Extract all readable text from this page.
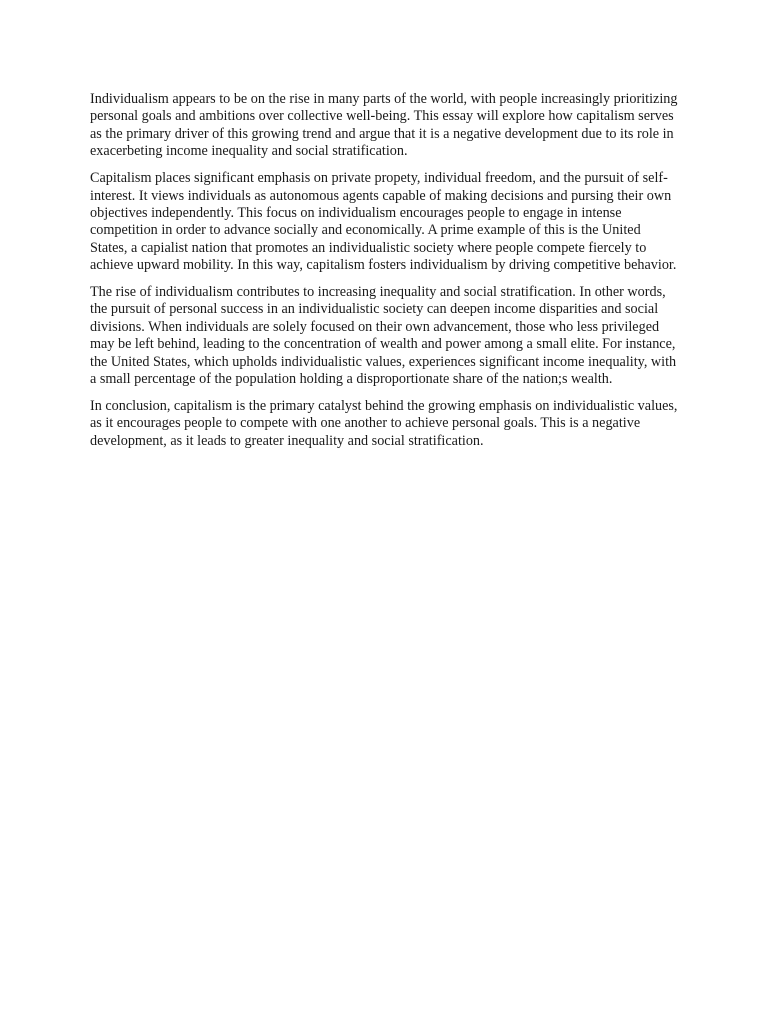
Individualism appears to be on the rise in many parts of the world, with people increasingly prioritizing personal goals and ambitions over collective well-being. This essay will explore how capitalism serves as the primary driver of this growing trend and argue that it is a negative development due to its role in exacerbeting income inequality and social stratification.

Capitalism places significant emphasis on private propety, individual freedom, and the pursuit of self-interest. It views individuals as autonomous agents capable of making decisions and pursing their own objectives independently. This focus on individualism encourages people to engage in intense competition in order to advance socially and economically. A prime example of this is the United States, a capialist nation that promotes an individualistic society where people compete fiercely to achieve upward mobility. In this way, capitalism fosters individualism by driving competitive behavior.

The rise of individualism contributes to increasing inequality and social stratification. In other words, the pursuit of personal success in an individualistic society can deepen income disparities and social divisions. When individuals are solely focused on their own advancement, those who less privileged may be left behind, leading to the concentration of wealth and power among a small elite. For instance, the United States, which upholds individualistic values, experiences significant income inequality, with a small percentage of the population holding a disproportionate share of the nation;s wealth.

In conclusion, capitalism is the primary catalyst behind the growing emphasis on individualistic values, as it encourages people to compete with one another to achieve personal goals. This is a negative development, as it leads to greater inequality and social stratification.
